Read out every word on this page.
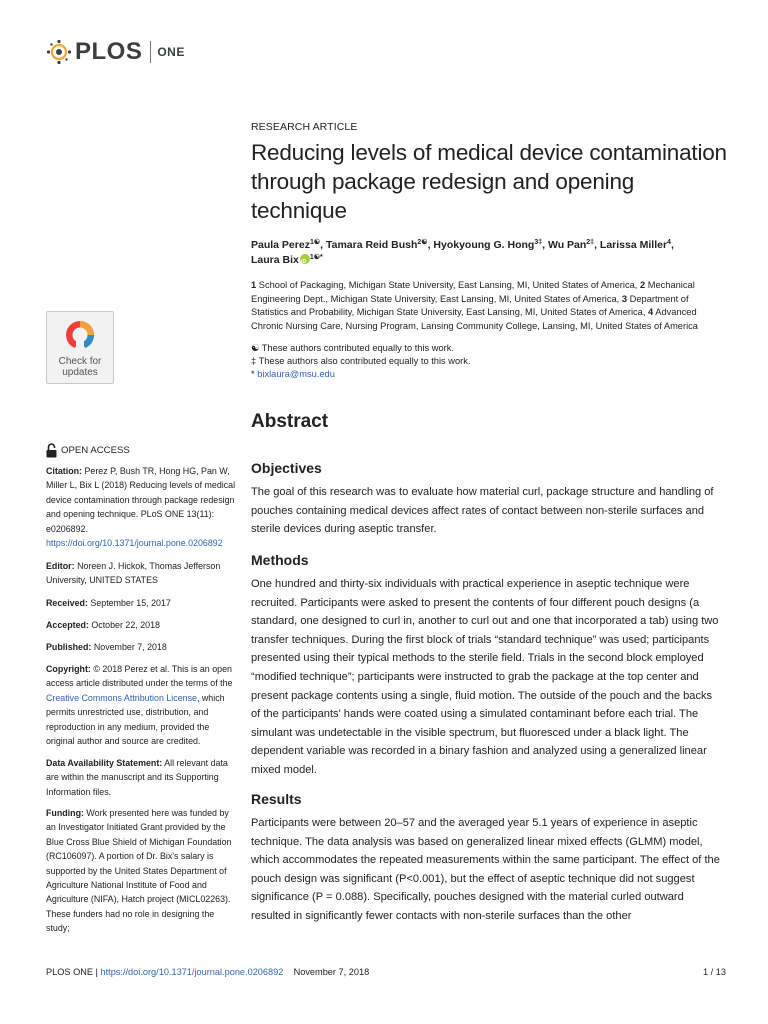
PLOS ONE
RESEARCH ARTICLE
Reducing levels of medical device contamination through package redesign and opening technique
Paula Perez$^{1☯}$, Tamara Reid Bush$^{2☯}$, Hyokyoung G. Hong$^{3\ddagger}$, Wu Pan$^{2\ddagger}$, Larissa Miller$^4$,
Laura BixiD $^{1☯*}$
1 School of Packaging, Michigan State University, East Lansing, MI, United States of America, 2 Mechanical Engineering Dept., Michigan State University, East Lansing, MI, United States of America, 3 Department of Statistics and Probability, Michigan State University, East Lansing, MI, United States of America, 4 Advanced Chronic Nursing Care, Nursing Program, Lansing Community College, Lansing, MI, United States of America
☯ These authors contributed equally to this work.
‡ These authors also contributed equally to this work.
* bixlaura@msu.edu
Check for updates
OPEN ACCESS
Citation: Perez P, Bush TR, Hong HG, Pan W, Miller L, Bix L (2018) Reducing levels of medical device contamination through package redesign and opening technique. PLoS ONE 13(11): e0206892. https://doi.org/10.1371/journal.pone.0206892
Editor: Noreen J. Hickok, Thomas Jefferson University, UNITED STATES
Received: September 15, 2017
Accepted: October 22, 2018
Published: November 7, 2018
Copyright: © 2018 Perez et al. This is an open access article distributed under the terms of the Creative Commons Attribution License, which permits unrestricted use, distribution, and reproduction in any medium, provided the original author and source are credited.
Data Availability Statement: All relevant data are within the manuscript and its Supporting Information files.
Funding: Work presented here was funded by an Investigator Initiated Grant provided by the Blue Cross Blue Shield of Michigan Foundation (RC106097). A portion of Dr. Bix's salary is supported by the United States Department of Agriculture National Institute of Food and Agriculture (NIFA), Hatch project (MICL02263). These funders had no role in designing the study;
Abstract
Objectives

The goal of this research was to evaluate how material curl, package structure and handling of pouches containing medical devices affect rates of contact between non-sterile surfaces and sterile devices during aseptic transfer.

Methods

One hundred and thirty-six individuals with practical experience in aseptic technique were recruited. Participants were asked to present the contents of four different pouch designs (a standard, one designed to curl in, another to curl out and one that incorporated a tab) using two transfer techniques. During the first block of trials “standard technique” was used; participants presented using their typical methods to the sterile field. Trials in the second block employed “modified technique”; participants were instructed to grab the package at the top center and present package contents using a single, fluid motion. The outside of the pouch and the backs of the participants' hands were coated using a simulated contaminant before each trial. The simulant was undetectable in the visible spectrum, but fluoresced under a black light. The dependent variable was recorded in a binary fashion and analyzed using a generalized linear mixed model.

Results

Participants were between 20–57 and the averaged year 5.1 years of experience in aseptic technique. The data analysis was based on generalized linear mixed effects (GLMM) model, which accommodates the repeated measurements within the same participant. The effect of the pouch design was significant (P<0.001), but the effect of aseptic technique did not suggest significance (P = 0.088). Specifically, pouches designed with the material curled outward resulted in significantly fewer contacts with non-sterile surfaces than the other

PLOS ONE | https://doi.org/10.1371/journal.pone.0206892 November 7, 2018	1 / 13
